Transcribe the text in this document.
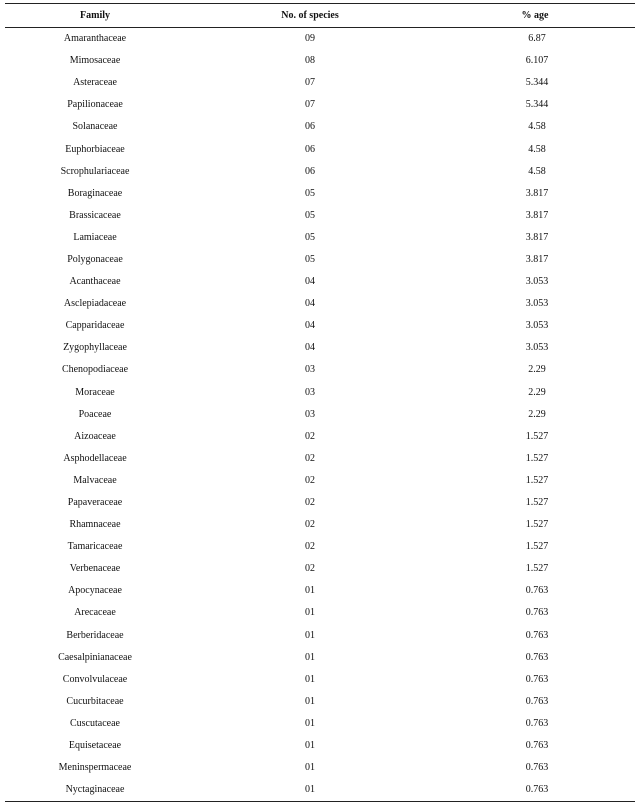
Family	No. of species	% age
Amaranthaceae	09	6.87
Mimosaceae	08	6.107
Asteraceae	07	5.344
Papilionaceae	07	5.344
Solanaceae	06	4.58
Euphorbiaceae	06	4.58
Scrophulariaceae	06	4.58
Boraginaceae	05	3.817
Brassicaceae	05	3.817
Lamiaceae	05	3.817
Polygonaceae	05	3.817
Acanthaceae	04	3.053
Asclepiadaceae	04	3.053
Capparidaceae	04	3.053
Zygophyllaceae	04	3.053
Chenopodiaceae	03	2.29
Moraceae	03	2.29
Poaceae	03	2.29
Aizoaceae	02	1.527
Asphodellaceae	02	1.527
Malvaceae	02	1.527
Papaveraceae	02	1.527
Rhamnaceae	02	1.527
Tamaricaceae	02	1.527
Verbenaceae	02	1.527
Apocynaceae	01	0.763
Arecaceae	01	0.763
Berberidaceae	01	0.763
Caesalpinianaceae	01	0.763
Convolvulaceae	01	0.763
Cucurbitaceae	01	0.763
Cuscutaceae	01	0.763
Equisetaceae	01	0.763
Meninspermaceae	01	0.763
Nyctaginaceae	01	0.763
